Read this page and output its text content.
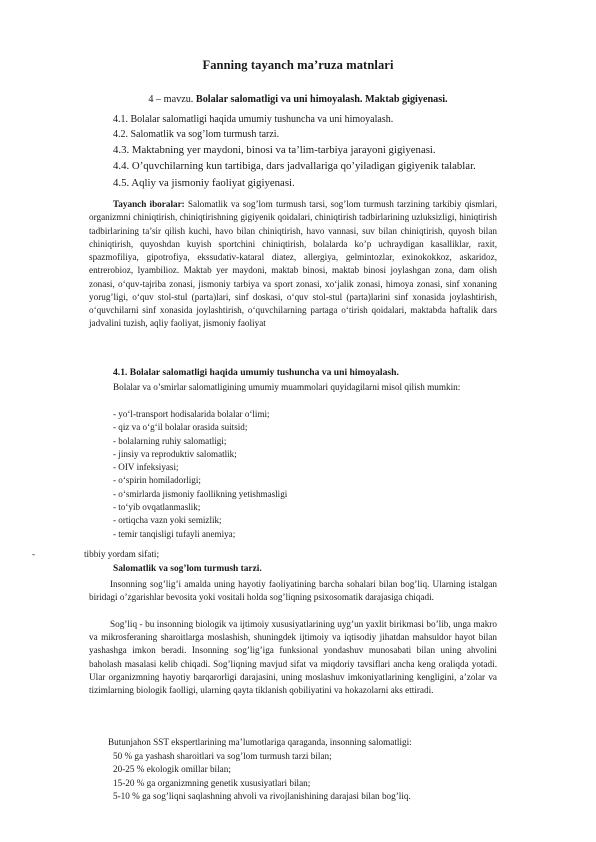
Fanning tayanch ma’ruza matnlari
4 – mavzu. Bolalar salomatligi va uni himoyalash. Maktab gigiyenasi.
4.1. Bolalar salomatligi haqida umumiy tushuncha va uni himoyalash.
4.2. Salomatlik va sog’lom turmush tarzi.
4.3. Maktabning yer maydoni, binosi va ta’lim-tarbiya jarayoni gigiyenasi.
4.4. O’quvchilarning kun tartibiga, dars jadvallariga qo’yiladigan gigiyenik talablar.
4.5. Aqliy va jismoniy faoliyat gigiyenasi.
Tayanch iboralar: Salomatlik va sog’lom turmush tarsi, sog’lom turmush tarzining tarkibiy qismlari, organizmni chiniqtirish, chiniqtirishning gigiyenik qoidalari, chiniqtirish tadbirlarining uzluksizligi, hiniqtirish tadbirlarining ta’sir qilish kuchi, havo bilan chiniqtirish, havo vannasi, suv bilan chiniqtirish, quyosh bilan chiniqtirish, quyoshdan kuyish sportchini chiniqtirish, bolalarda ko’p uchraydigan kasalliklar, raxit, spazmofiliya, gipotrofiya, ekssudativ-kataral diatez, allergiya, gelmintozlar, exinokokkoz, askaridoz, entrerobioz, lyambilioz. Maktab yer maydoni, maktab binosi, maktab binosi joylashgan zona, dam olish zonasi, o‘quv-tajriba zonasi, jismoniy tarbiya va sport zonasi, xo‘jalik zonasi, himoya zonasi, sinf xonaning yorug’ligi, o‘quv stol-stul (parta)lari, sinf doskasi, o‘quv stol-stul (parta)larini sinf xonasida joylashtirish, o‘quvchilarni sinf xonasida joylashtirish, o‘quvchilarning partaga o‘tirish qoidalari, maktabda haftalik dars jadvalini tuzish, aqliy faoliyat, jismoniy faoliyat
4.1. Bolalar salomatligi haqida umumiy tushuncha va uni himoyalash.
Bolalar va o’smirlar salomatligining umumiy muammolari quyidagilarni misol qilish mumkin:
- yo‘l-transport hodisalarida bolalar o‘limi;
- qiz va o‘g‘il bolalar orasida suitsid;
- bolalarning ruhiy salomatligi;
- jinsiy va reproduktiv salomatlik;
- OIV infeksiyasi;
- o‘spirin homiladorligi;
- o‘smirlarda jismoniy faollikning yetishmasligi
- to‘yib ovqatlanmaslik;
- ortiqcha vazn yoki semizlik;
- temir tanqisligi tufayli anemiya;
-	tibbiy yordam sifati;
Salomatlik va sog’lom turmush tarzi.
Insonning sog’lig’i amalda uning hayotiy faoliyatining barcha sohalari bilan bog’liq. Ularning istalgan biridagi o’zgarishlar bevosita yoki vositali holda sog’liqning psixosomatik darajasiga chiqadi.
Sog’liq - bu insonning biologik va ijtimoiy xususiyatlarining uyg’un yaxlit birikmasi bo’lib, unga makro va mikrosferaning sharoitlarga moslashish, shuningdek ijtimoiy va iqtisodiy jihatdan mahsuldor hayot bilan yashashga imkon beradi. Insonning sog’lig’iga funksional yondashuv munosabati bilan uning ahvolini baholash masalasi kelib chiqadi. Sog’liqning mavjud sifat va miqdoriy tavsiflari ancha keng oraliqda yotadi. Ular organizmning hayotiy barqarorligi darajasini, uning moslashuv imkoniyatlarining kengligini, a’zolar va tizimlarning biologik faolligi, ularning qayta tiklanish qobiliyatini va hokazolarni aks ettiradi.
Butunjahon SST ekspertlarining ma’lumotlariga qaraganda, insonning salomatligi:
50 % ga yashash sharoitlari va sog’lom turmush tarzi bilan;
20-25 % ekologik omillar bilan;
15-20 % ga organizmning genetik xususiyatlari bilan;
5-10 % ga sog’liqni saqlashning ahvoli va rivojlanishining darajasi bilan bog’liq.
